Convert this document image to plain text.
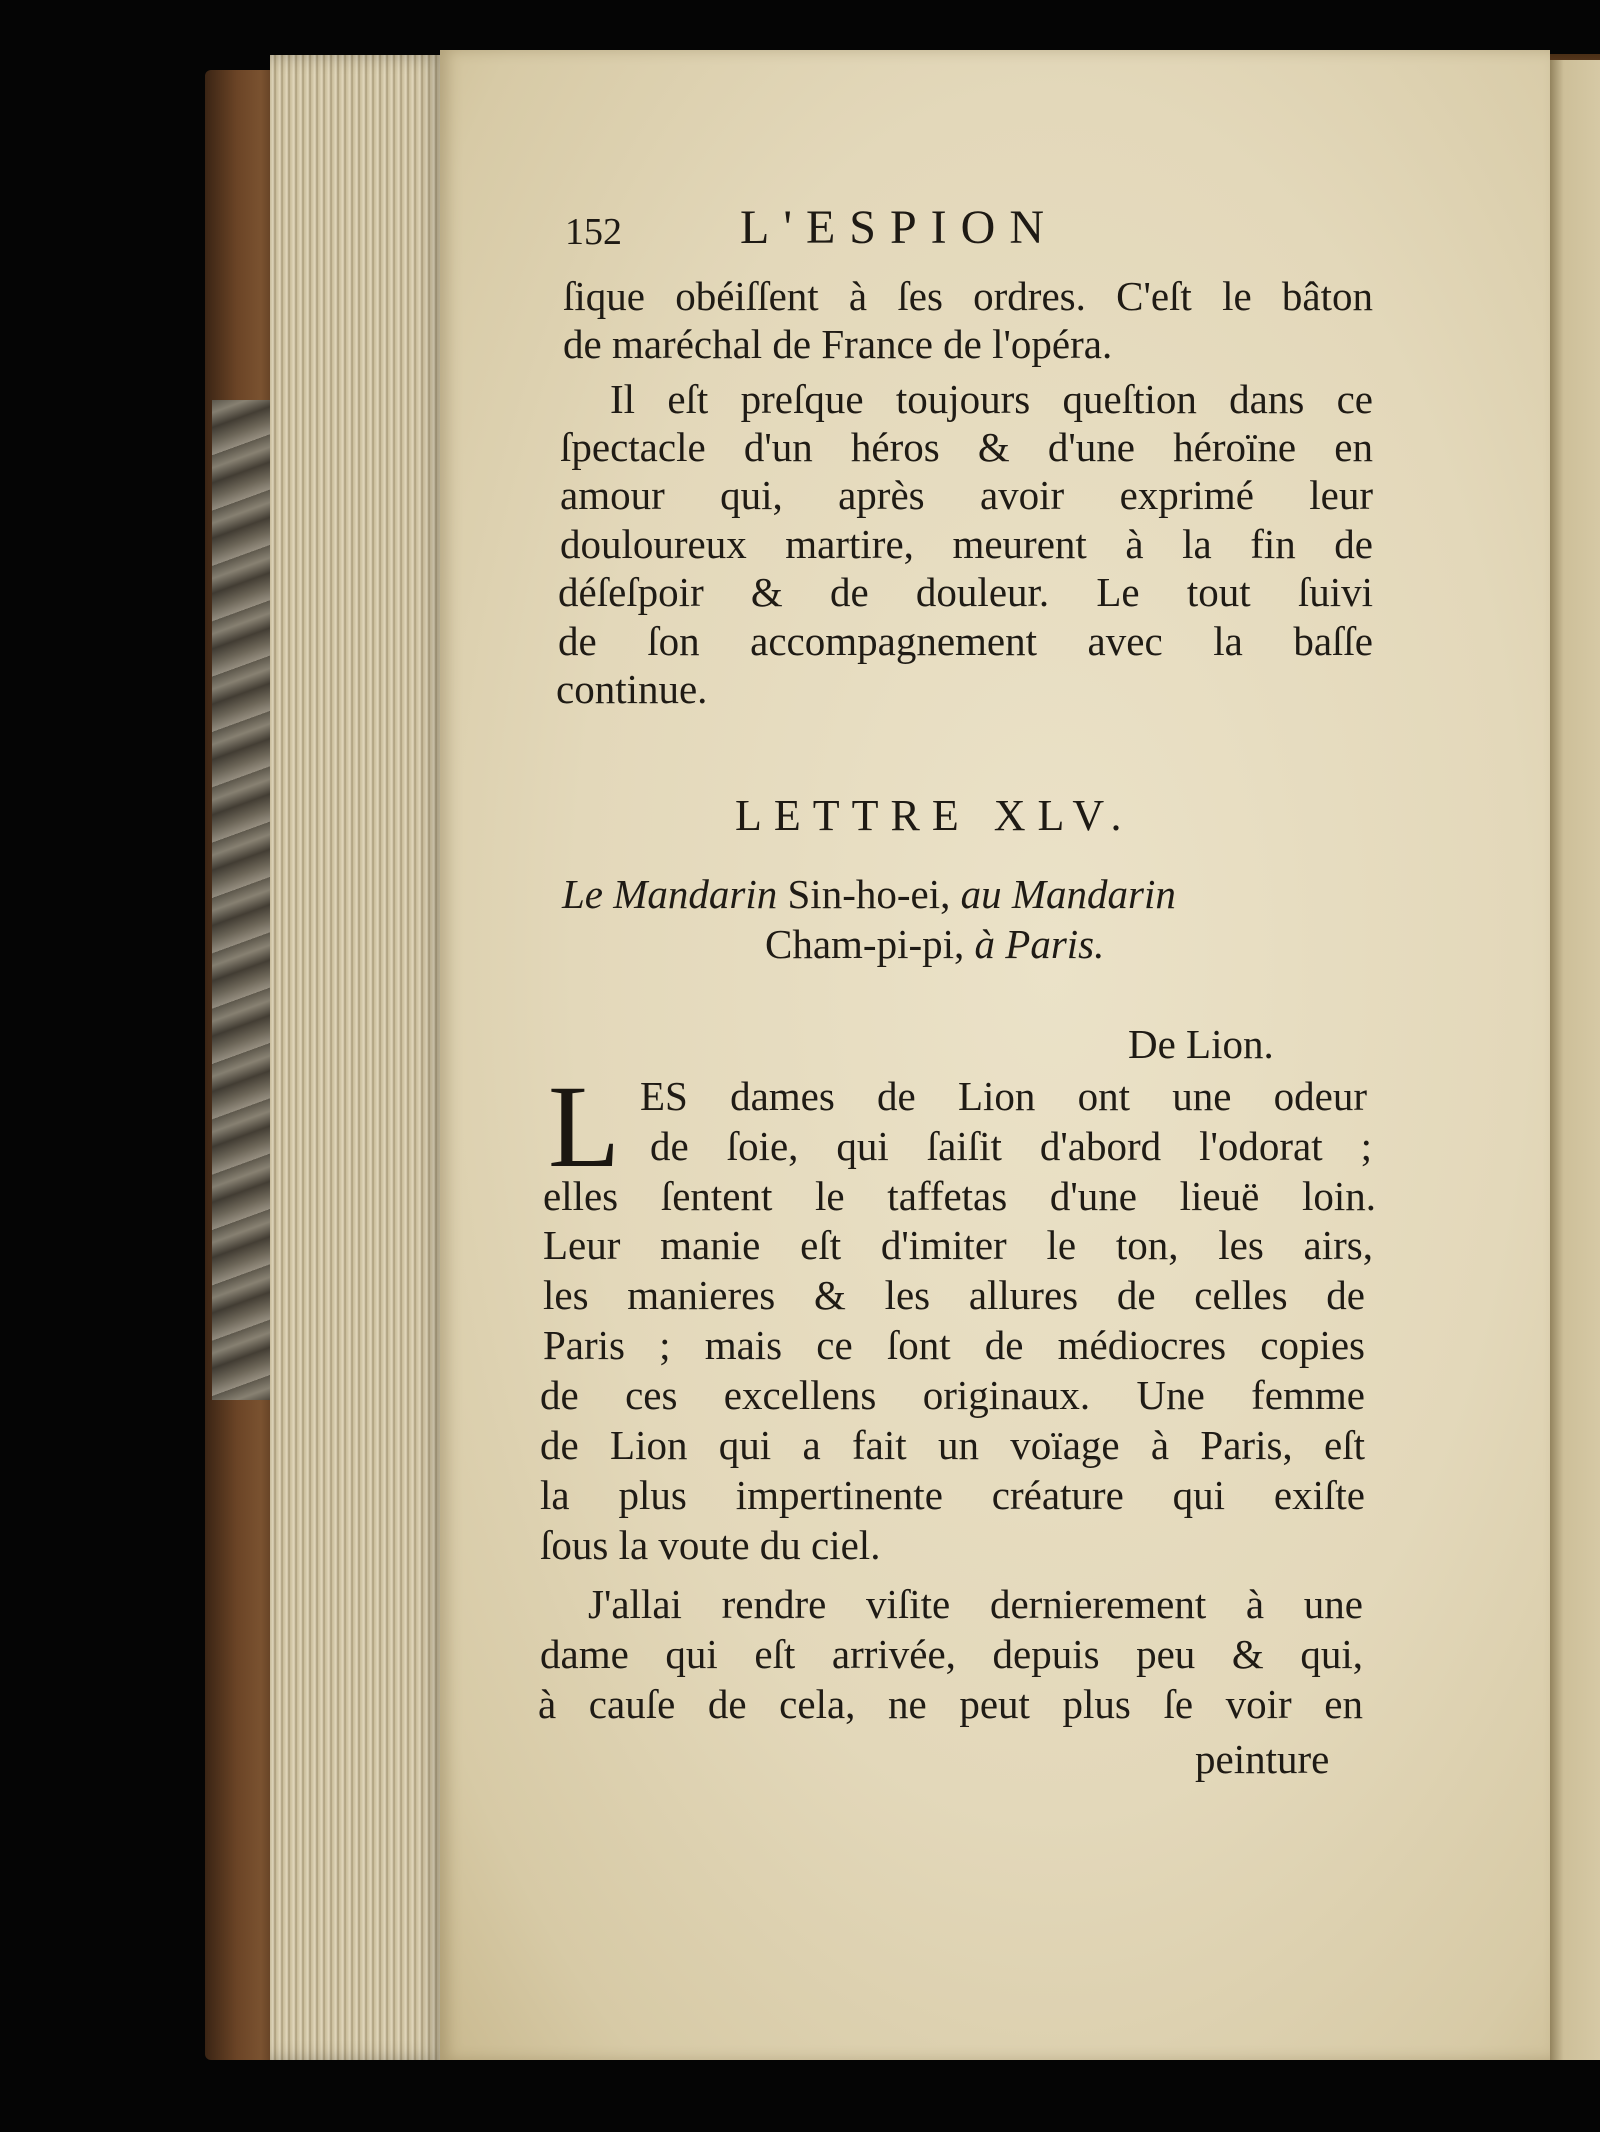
152 L'ESPION
ſique obéiſſent à ſes ordres. C'eſt le bâton
de maréchal de France de l'opéra.
Il eſt preſque toujours queſtion dans ce
ſpectacle d'un héros & d'une héroïne en
amour qui, après avoir exprimé leur
douloureux martire, meurent à la fin de
déſeſpoir & de douleur. Le tout ſuivi
de ſon accompagnement avec la baſſe
continue.
LETTRE XLV.
Le Mandarin Sin-ho-ei, au Mandarin
Cham-pi-pi, à Paris.
De Lion.
L ES dames de Lion ont une odeur
de ſoie, qui ſaiſit d'abord l'odorat ;
elles ſentent le taffetas d'une lieuë loin.
Leur manie eſt d'imiter le ton, les airs,
les manieres & les allures de celles de
Paris ; mais ce ſont de médiocres copies
de ces excellens originaux. Une femme
de Lion qui a fait un voïage à Paris, eſt
la plus impertinente créature qui exiſte
ſous la voute du ciel.
J'allai rendre viſite dernierement à une
dame qui eſt arrivée, depuis peu & qui,
à cauſe de cela, ne peut plus ſe voir en
peinture
